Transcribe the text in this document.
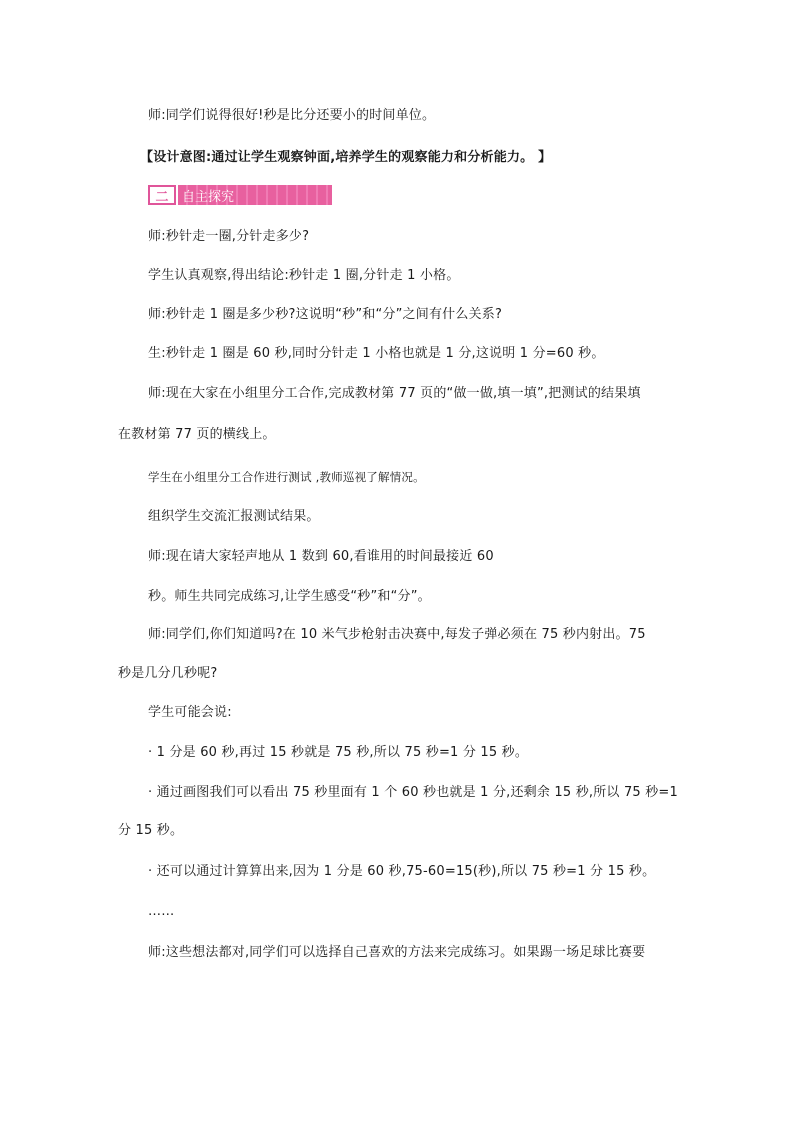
师:同学们说得很好!秒是比分还要小的时间单位。
【设计意图:通过让学生观察钟面,培养学生的观察能力和分析能力。 】
二	自主探究
师:秒针走一圈,分针走多少?
学生认真观察,得出结论:秒针走 1 圈,分针走 1 小格。
师:秒针走 1 圈是多少秒?这说明“秒”和“分”之间有什么关系?
生:秒针走 1 圈是 60 秒,同时分针走 1 小格也就是 1 分,这说明 1 分=60 秒。
师:现在大家在小组里分工合作,完成教材第 77 页的“做一做,填一填”,把测试的结果填
在教材第 77 页的横线上。
学生在小组里分工合作进行测试 ,教师巡视了解情况。
组织学生交流汇报测试结果。
师:现在请大家轻声地从 1 数到 60,看谁用的时间最接近 60
秒。师生共同完成练习,让学生感受“秒”和“分”。
师:同学们,你们知道吗?在 10 米气步枪射击决赛中,每发子弹必须在 75 秒内射出。75
秒是几分几秒呢?
学生可能会说:
· 1 分是 60 秒,再过 15 秒就是 75 秒,所以 75 秒=1 分 15 秒。
· 通过画图我们可以看出 75 秒里面有 1 个 60 秒也就是 1 分,还剩余 15 秒,所以 75 秒=1
分 15 秒。
· 还可以通过计算算出来,因为 1 分是 60 秒,75-60=15(秒),所以 75 秒=1 分 15 秒。
……
师:这些想法都对,同学们可以选择自己喜欢的方法来完成练习。如果踢一场足球比赛要
